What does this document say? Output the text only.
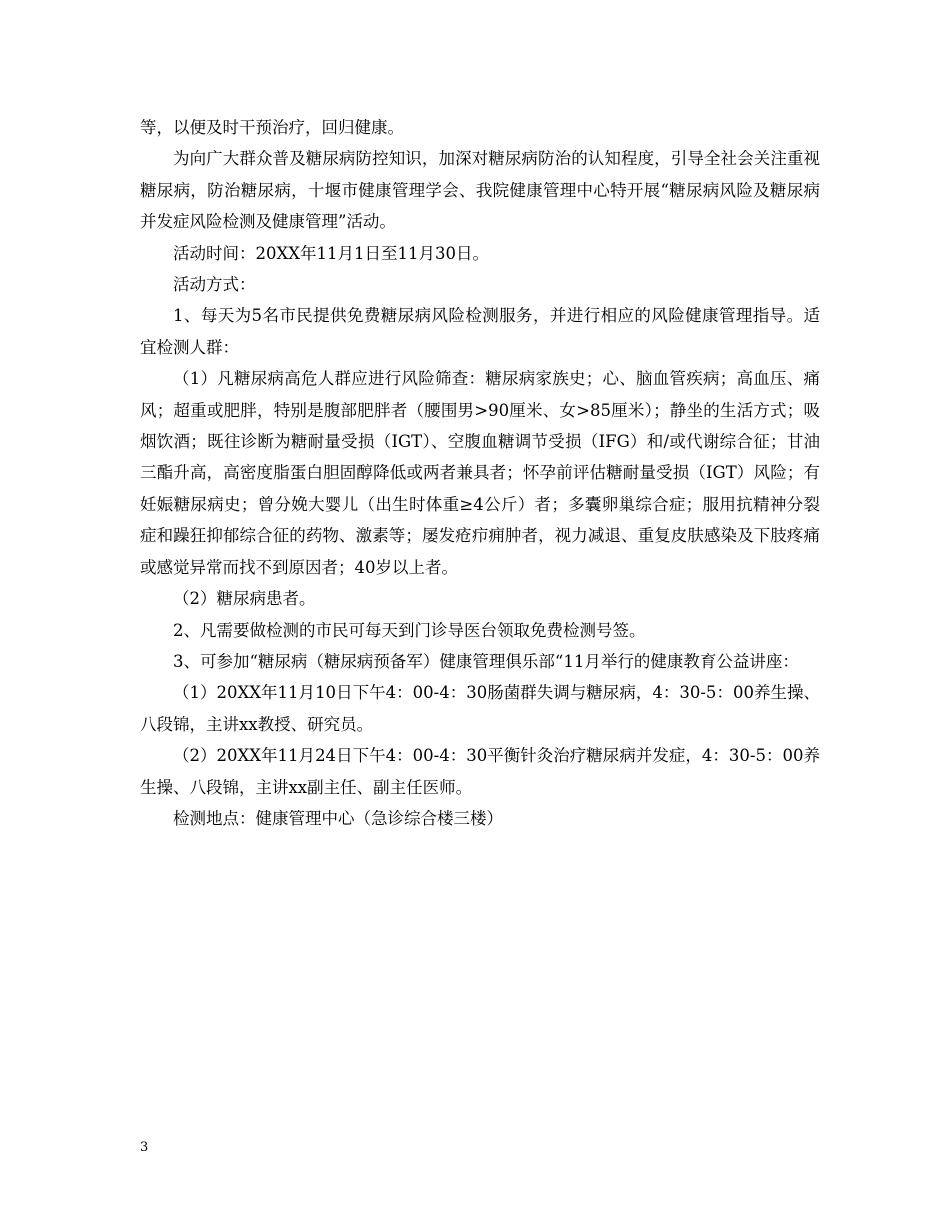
等，以便及时干预治疗，回归健康。

为向广大群众普及糖尿病防控知识，加深对糖尿病防治的认知程度，引导全社会关注重视糖尿病，防治糖尿病，十堰市健康管理学会、我院健康管理中心特开展“糖尿病风险及糖尿病并发症风险检测及健康管理”活动。

活动时间：20XX年11月1日至11月30日。

活动方式：

1、每天为5名市民提供免费糖尿病风险检测服务，并进行相应的风险健康管理指导。适宜检测人群：

（1）凡糖尿病高危人群应进行风险筛查：糖尿病家族史；心、脑血管疾病；高血压、痛风；超重或肥胖，特别是腹部肥胖者（腰围男>90厘米、女>85厘米）；静坐的生活方式；吸烟饮酒；既往诊断为糖耐量受损（IGT）、空腹血糖调节受损（IFG）和/或代谢综合征；甘油三酯升高，高密度脂蛋白胆固醇降低或两者兼具者；怀孕前评估糖耐量受损（IGT）风险；有妊娠糖尿病史；曾分娩大婴儿（出生时体重≥4公斤）者；多囊卵巢综合症；服用抗精神分裂症和躁狂抑郁综合征的药物、激素等；屡发疮疖痈肿者，视力减退、重复皮肤感染及下肢疼痛或感觉异常而找不到原因者；40岁以上者。

（2）糖尿病患者。

2、凡需要做检测的市民可每天到门诊导医台领取免费检测号签。

3、可参加“糖尿病（糖尿病预备军）健康管理俱乐部“11月举行的健康教育公益讲座：

（1）20XX年11月10日下午4：00-4：30肠菌群失调与糖尿病，4：30-5：00养生操、八段锦，主讲xx教授、研究员。

（2）20XX年11月24日下午4：00-4：30平衡针灸治疗糖尿病并发症，4：30-5：00养生操、八段锦，主讲xx副主任、副主任医师。

检测地点：健康管理中心（急诊综合楼三楼）

3
